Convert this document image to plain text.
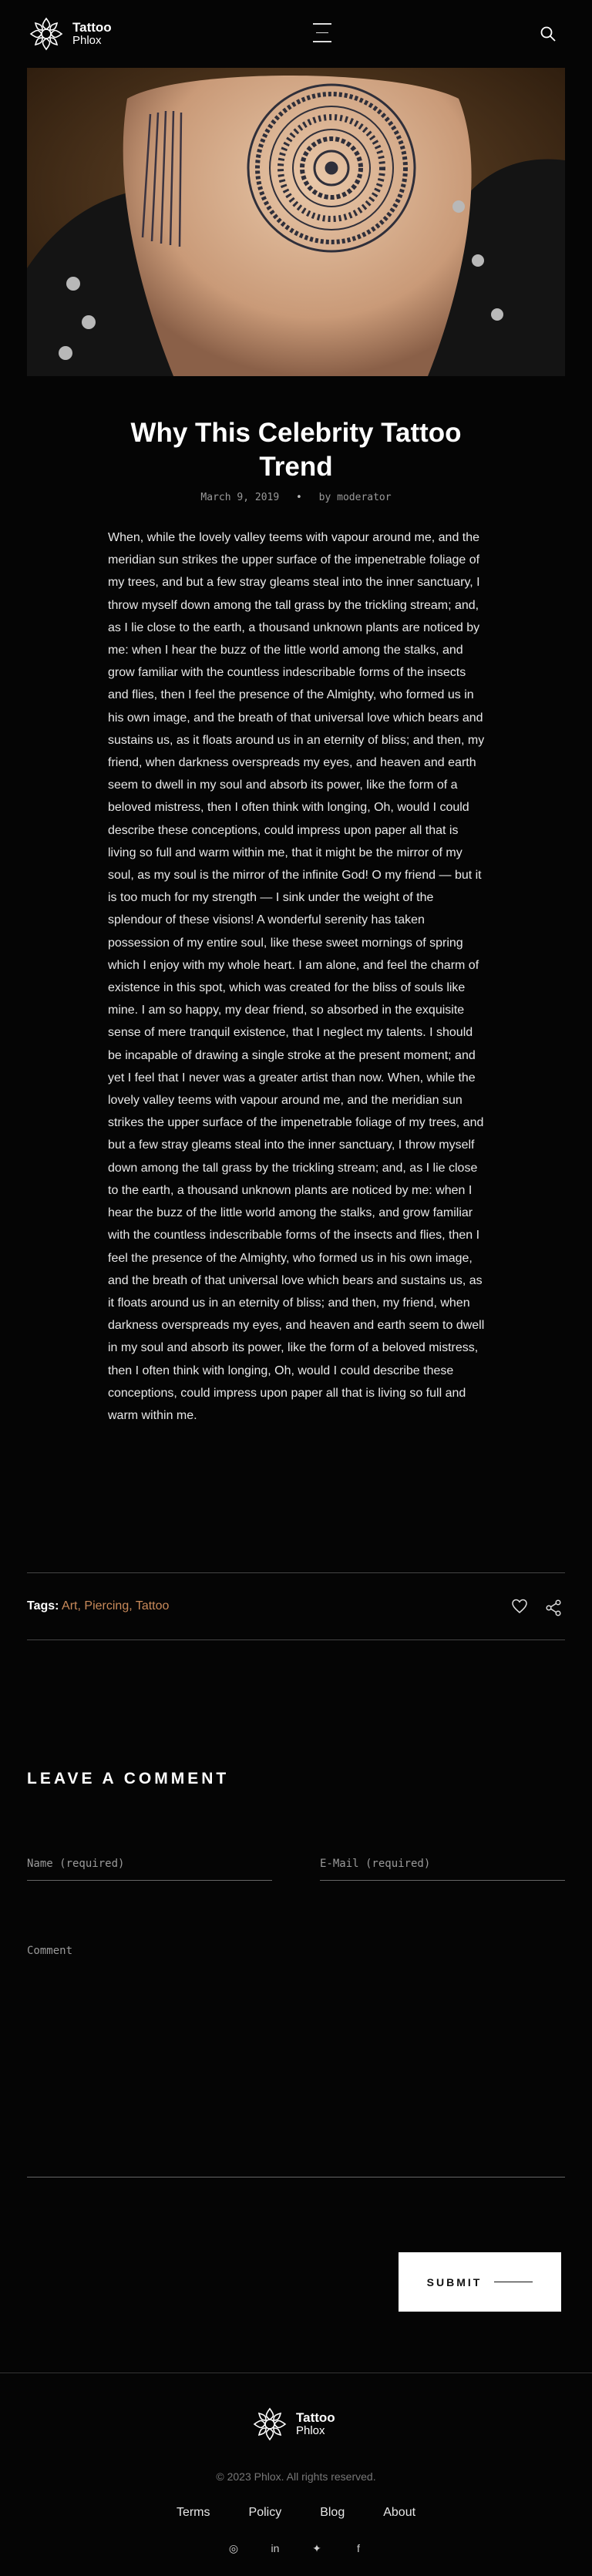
Tattoo
Phlox
Why This Celebrity Tattoo Trend
March 9, 2019 • by moderator

When, while the lovely valley teems with vapour around me, and the meridian sun strikes the upper surface of the impenetrable foliage of my trees, and but a few stray gleams steal into the inner sanctuary, I throw myself down among the tall grass by the trickling stream; and, as I lie close to the earth, a thousand unknown plants are noticed by me: when I hear the buzz of the little world among the stalks, and grow familiar with the countless indescribable forms of the insects and flies, then I feel the presence of the Almighty, who formed us in his own image, and the breath of that universal love which bears and sustains us, as it floats around us in an eternity of bliss; and then, my friend, when darkness overspreads my eyes, and heaven and earth seem to dwell in my soul and absorb its power, like the form of a beloved mistress, then I often think with longing, Oh, would I could describe these conceptions, could impress upon paper all that is living so full and warm within me, that it might be the mirror of my soul, as my soul is the mirror of the infinite God! O my friend — but it is too much for my strength — I sink under the weight of the splendour of these visions! A wonderful serenity has taken possession of my entire soul, like these sweet mornings of spring which I enjoy with my whole heart. I am alone, and feel the charm of existence in this spot, which was created for the bliss of souls like mine. I am so happy, my dear friend, so absorbed in the exquisite sense of mere tranquil existence, that I neglect my talents. I should be incapable of drawing a single stroke at the present moment; and yet I feel that I never was a greater artist than now. When, while the lovely valley teems with vapour around me, and the meridian sun strikes the upper surface of the impenetrable foliage of my trees, and but a few stray gleams steal into the inner sanctuary, I throw myself down among the tall grass by the trickling stream; and, as I lie close to the earth, a thousand unknown plants are noticed by me: when I hear the buzz of the little world among the stalks, and grow familiar with the countless indescribable forms of the insects and flies, then I feel the presence of the Almighty, who formed us in his own image, and the breath of that universal love which bears and sustains us, as it floats around us in an eternity of bliss; and then, my friend, when darkness overspreads my eyes, and heaven and earth seem to dwell in my soul and absorb its power, like the form of a beloved mistress, then I often think with longing, Oh, would I could describe these conceptions, could impress upon paper all that is living so full and warm within me.

Tags: Art, Piercing, Tattoo
LEAVE A COMMENT
Name (required)
E-Mail (required)
Comment
SUBMIT
Tattoo
Phlox
© 2023 Phlox. All rights reserved.
Terms	Policy	Blog	About
◎	in	✦	f
